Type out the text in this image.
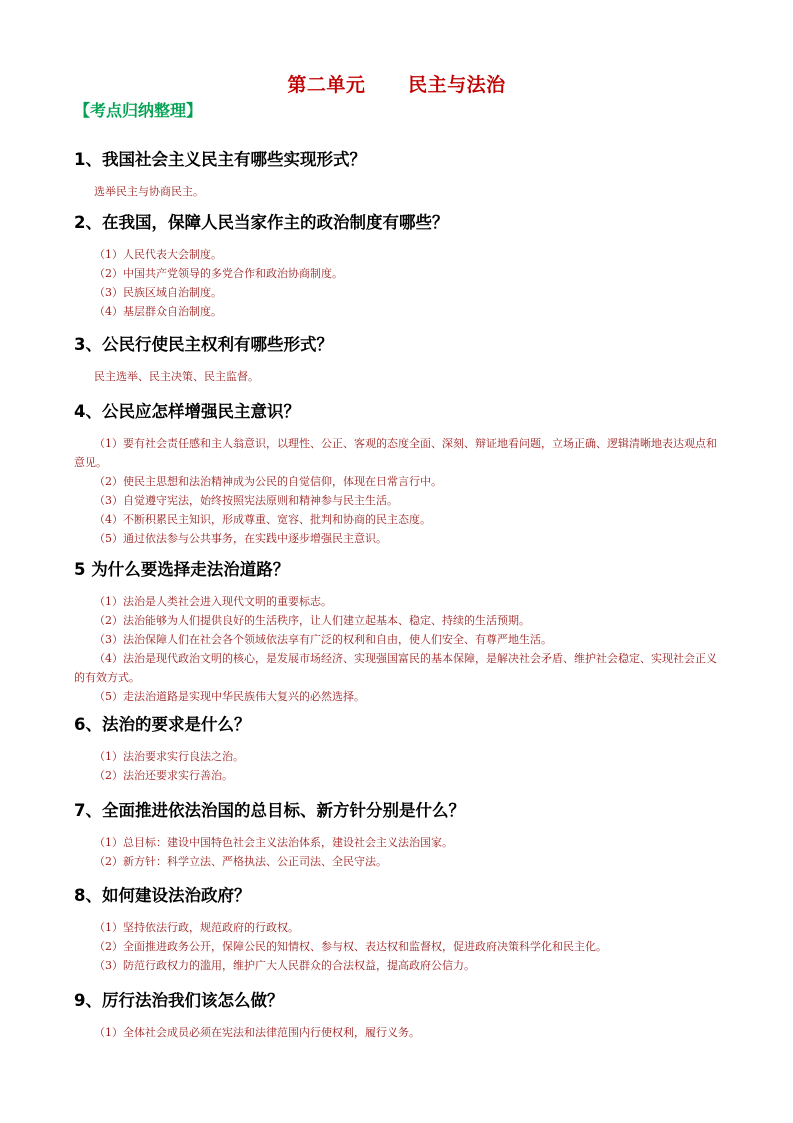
第二单元      民主与法治
【考点归纳整理】

1、我国社会主义民主有哪些实现形式？

选举民主与协商民主。

2、在我国，保障人民当家作主的政治制度有哪些？

（1）人民代表大会制度。

（2）中国共产党领导的多党合作和政治协商制度。

（3）民族区域自治制度。

（4）基层群众自治制度。

3、公民行使民主权利有哪些形式？

民主选举、民主决策、民主监督。

4、公民应怎样增强民主意识？

（1）要有社会责任感和主人翁意识，以理性、公正、客观的态度全面、深刻、辩证地看问题，立场正确、逻辑清晰地表达观点和意见。

（2）使民主思想和法治精神成为公民的自觉信仰，体现在日常言行中。

（3）自觉遵守宪法，始终按照宪法原则和精神参与民主生活。

（4）不断积累民主知识，形成尊重、宽容、批判和协商的民主态度。

（5）通过依法参与公共事务，在实践中逐步增强民主意识。

5 为什么要选择走法治道路？

（1）法治是人类社会进入现代文明的重要标志。

（2）法治能够为人们提供良好的生活秩序，让人们建立起基本、稳定、持续的生活预期。

（3）法治保障人们在社会各个领域依法享有广泛的权利和自由，使人们安全、有尊严地生活。

（4）法治是现代政治文明的核心，是发展市场经济、实现强国富民的基本保障，是解决社会矛盾、维护社会稳定、实现社会正义的有效方式。

（5）走法治道路是实现中华民族伟大复兴的必然选择。

6、法治的要求是什么？

（1）法治要求实行良法之治。

（2）法治还要求实行善治。

7、全面推进依法治国的总目标、新方针分别是什么？

（1）总目标：建设中国特色社会主义法治体系，建设社会主义法治国家。

（2）新方针：科学立法、严格执法、公正司法、全民守法。

8、如何建设法治政府？

（1）坚持依法行政，规范政府的行政权。

（2）全面推进政务公开，保障公民的知情权、参与权、表达权和监督权，促进政府决策科学化和民主化。

（3）防范行政权力的滥用，维护广大人民群众的合法权益，提高政府公信力。

9、厉行法治我们该怎么做？

（1）全体社会成员必须在宪法和法律范围内行使权利，履行义务。
